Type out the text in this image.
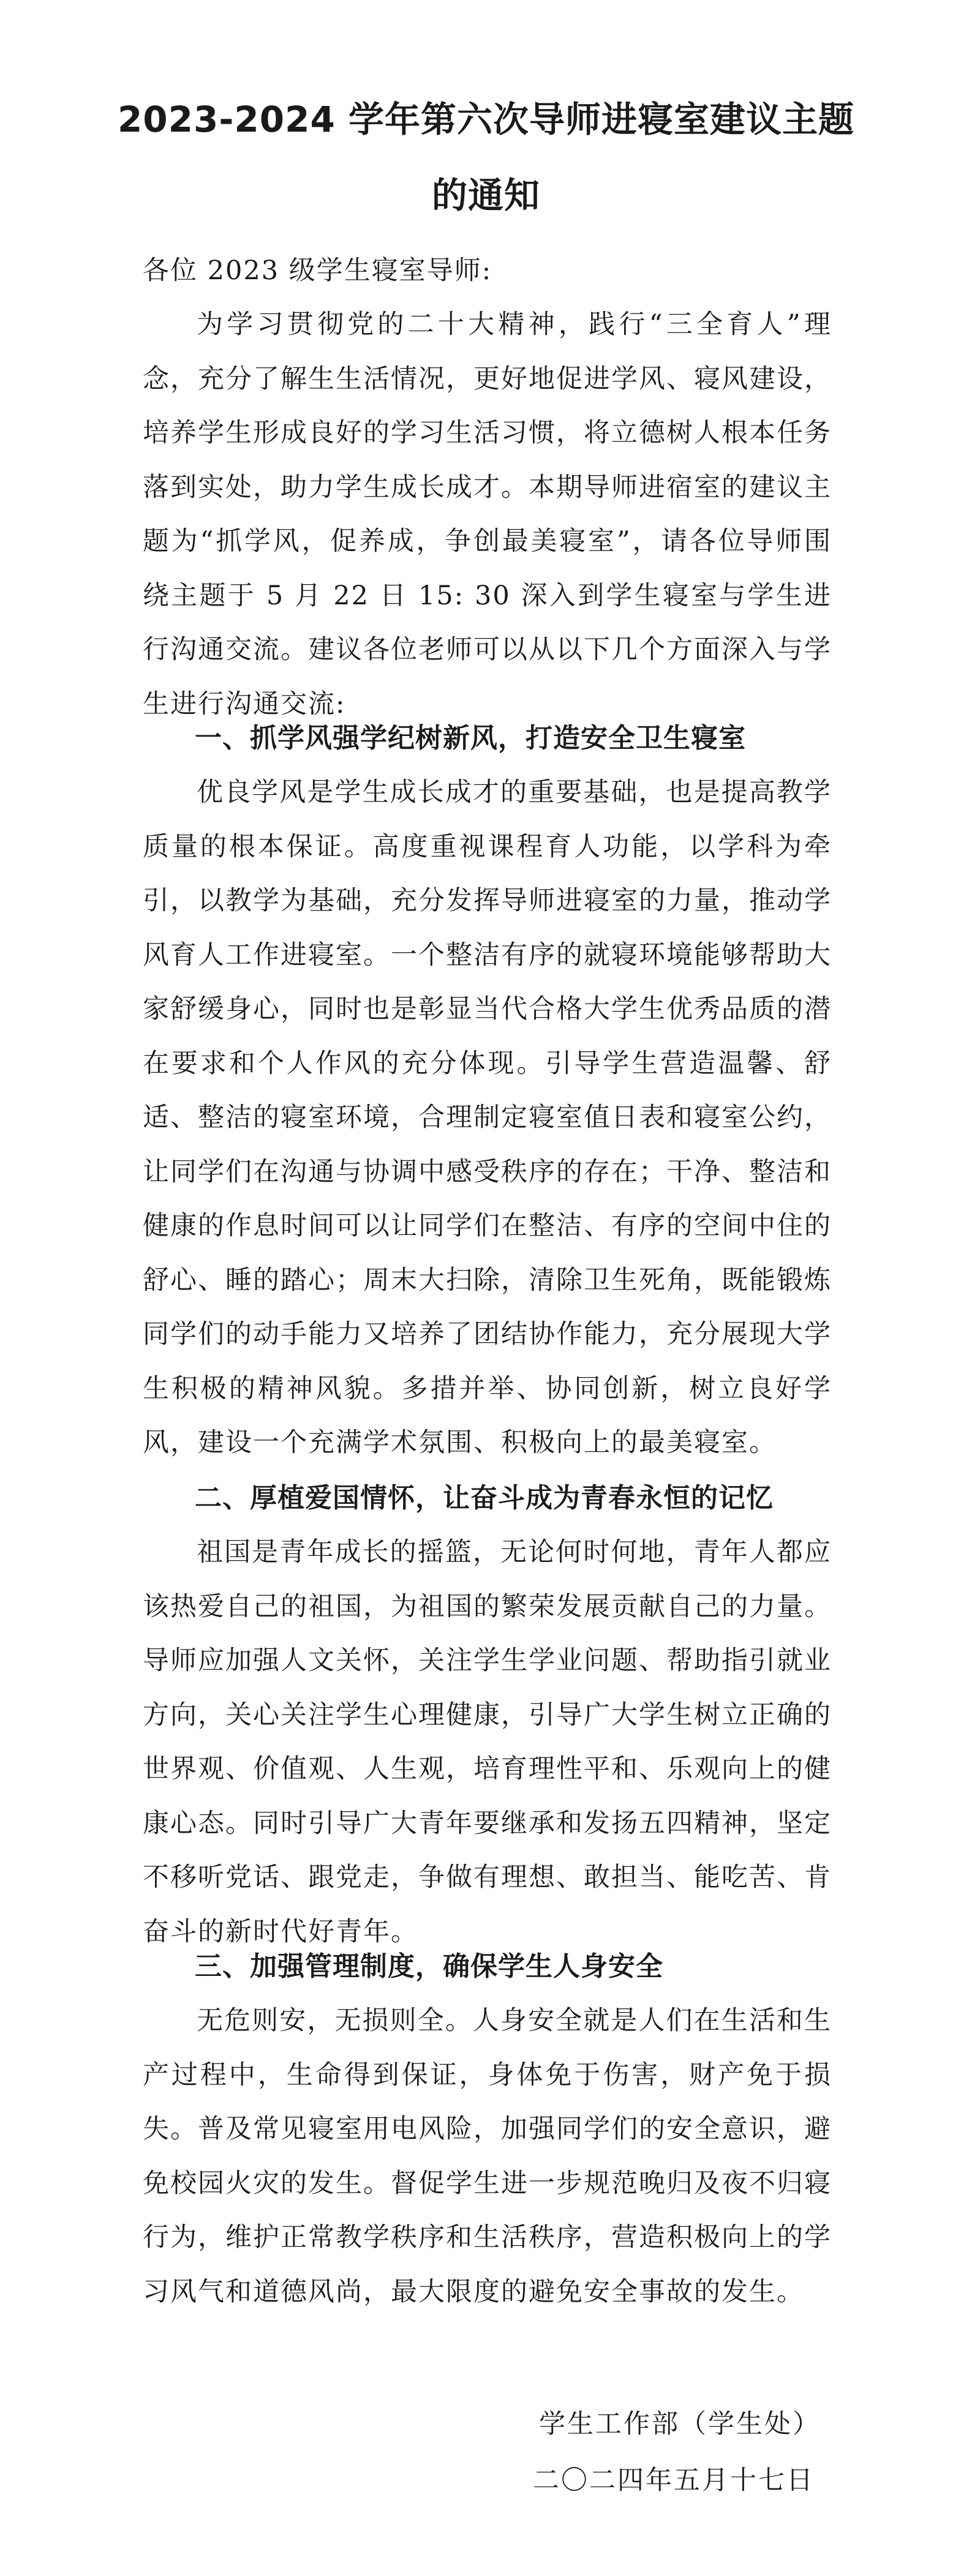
2023-2024 学年第六次导师进寝室建议主题
的通知
各位 2023 级学生寝室导师:
为学习贯彻党的二十大精神，践行“三全育人”理念，充分了解生生活情况，更好地促进学风、寝风建设，培养学生形成良好的学习生活习惯，将立德树人根本任务落到实处，助力学生成长成才。本期导师进宿室的建议主题为“抓学风，促养成，争创最美寝室”，请各位导师围绕主题于 5 月 22 日 15: 30 深入到学生寝室与学生进行沟通交流。建议各位老师可以从以下几个方面深入与学生进行沟通交流:
一、抓学风强学纪树新风，打造安全卫生寝室
优良学风是学生成长成才的重要基础，也是提高教学质量的根本保证。高度重视课程育人功能，以学科为牵引，以教学为基础，充分发挥导师进寝室的力量，推动学风育人工作进寝室。一个整洁有序的就寝环境能够帮助大家舒缓身心，同时也是彰显当代合格大学生优秀品质的潜在要求和个人作风的充分体现。引导学生营造温馨、舒适、整洁的寝室环境，合理制定寝室值日表和寝室公约，让同学们在沟通与协调中感受秩序的存在；干净、整洁和健康的作息时间可以让同学们在整洁、有序的空间中住的舒心、睡的踏心；周末大扫除，清除卫生死角，既能锻炼同学们的动手能力又培养了团结协作能力，充分展现大学生积极的精神风貌。多措并举、协同创新，树立良好学风，建设一个充满学术氛围、积极向上的最美寝室。
二、厚植爱国情怀，让奋斗成为青春永恒的记忆
祖国是青年成长的摇篮，无论何时何地，青年人都应该热爱自己的祖国，为祖国的繁荣发展贡献自己的力量。导师应加强人文关怀，关注学生学业问题、帮助指引就业方向，关心关注学生心理健康，引导广大学生树立正确的世界观、价值观、人生观，培育理性平和、乐观向上的健康心态。同时引导广大青年要继承和发扬五四精神，坚定不移听党话、跟党走，争做有理想、敢担当、能吃苦、肯奋斗的新时代好青年。
三、加强管理制度，确保学生人身安全
无危则安，无损则全。人身安全就是人们在生活和生产过程中，生命得到保证，身体免于伤害，财产免于损失。普及常见寝室用电风险，加强同学们的安全意识，避免校园火灾的发生。督促学生进一步规范晚归及夜不归寝行为，维护正常教学秩序和生活秩序，营造积极向上的学习风气和道德风尚，最大限度的避免安全事故的发生。
学生工作部（学生处）
二〇二四年五月十七日
